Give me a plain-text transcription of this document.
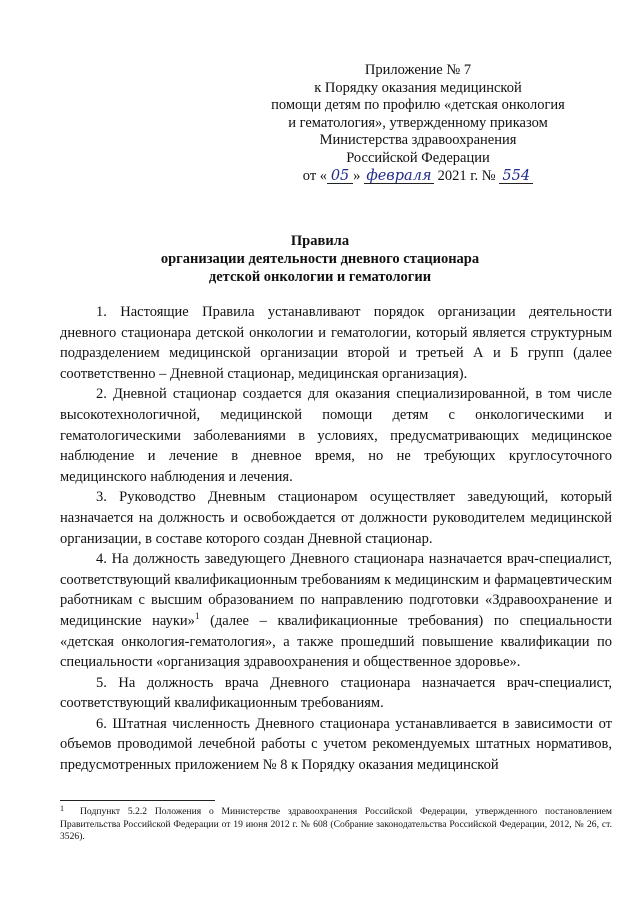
Приложение № 7
к Порядку оказания медицинской
помощи детям по профилю «детская онкология
и гематология», утвержденному приказом
Министерства здравоохранения
Российской Федерации
от « 05 » февраля 2021 г. № 554
Правила
организации деятельности дневного стационара
детской онкологии и гематологии

1. Настоящие Правила устанавливают порядок организации деятельности дневного стационара детской онкологии и гематологии, который является структурным подразделением медицинской организации второй и третьей А и Б групп (далее соответственно – Дневной стационар, медицинская организация).

2. Дневной стационар создается для оказания специализированной, в том числе высокотехнологичной, медицинской помощи детям с онкологическими и гематологическими заболеваниями в условиях, предусматривающих медицинское наблюдение и лечение в дневное время, но не требующих круглосуточного медицинского наблюдения и лечения.

3. Руководство Дневным стационаром осуществляет заведующий, который назначается на должность и освобождается от должности руководителем медицинской организации, в составе которого создан Дневной стационар.

4. На должность заведующего Дневного стационара назначается врач-специалист, соответствующий квалификационным требованиям к медицинским и фармацевтическим работникам с высшим образованием по направлению подготовки «Здравоохранение и медицинские науки»$^1$ (далее – квалификационные требования) по специальности «детская онкология-гематология», а также прошедший повышение квалификации по специальности «организация здравоохранения и общественное здоровье».

5. На должность врача Дневного стационара назначается врач-специалист, соответствующий квалификационным требованиям.

6. Штатная численность Дневного стационара устанавливается в зависимости от объемов проводимой лечебной работы с учетом рекомендуемых штатных нормативов, предусмотренных приложением № 8 к Порядку оказания медицинской

$^1$ Подпункт 5.2.2 Положения о Министерстве здравоохранения Российской Федерации, утвержденного постановлением Правительства Российской Федерации от 19 июня 2012 г. № 608 (Собрание законодательства Российской Федерации, 2012, № 26, ст. 3526).
